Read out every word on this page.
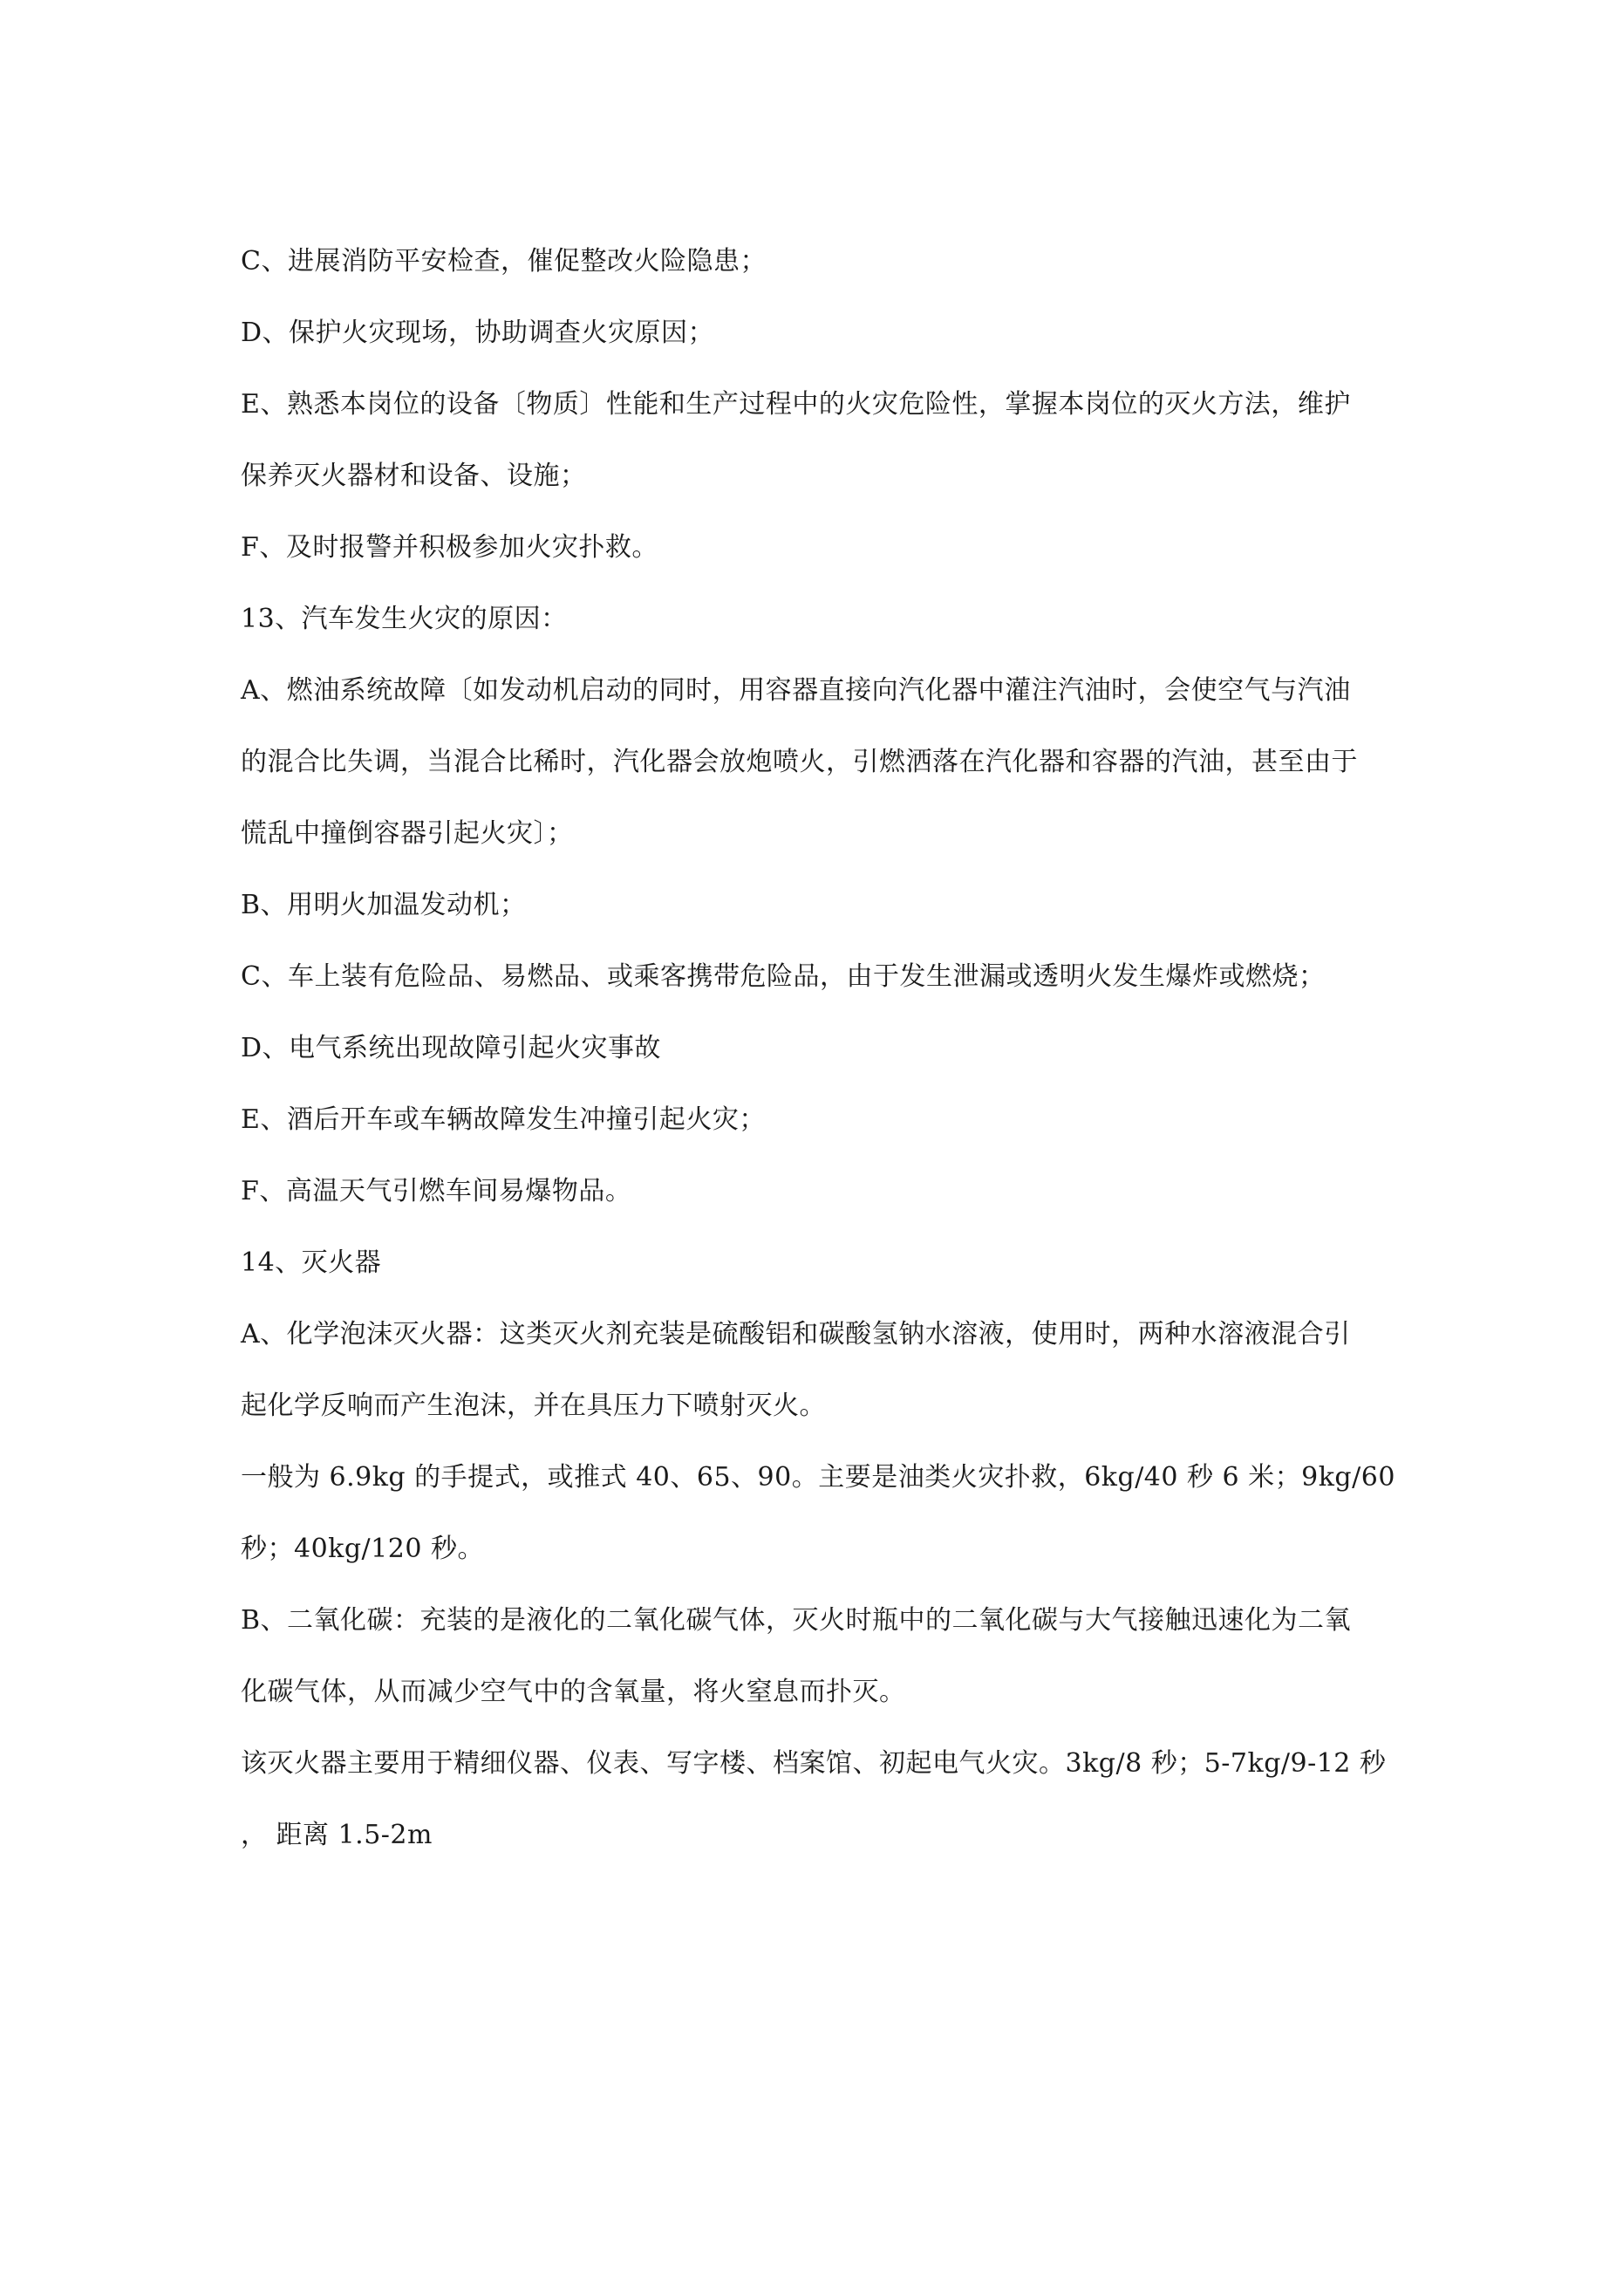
C、进展消防平安检查，催促整改火险隐患；

D、保护火灾现场，协助调查火灾原因；

E、熟悉本岗位的设备〔物质〕性能和生产过程中的火灾危险性，掌握本岗位的灭火方法，维护

保养灭火器材和设备、设施；

F、及时报警并积极参加火灾扑救。

13、汽车发生火灾的原因：

A、燃油系统故障〔如发动机启动的同时，用容器直接向汽化器中灌注汽油时，会使空气与汽油

的混合比失调，当混合比稀时，汽化器会放炮喷火，引燃洒落在汽化器和容器的汽油，甚至由于

慌乱中撞倒容器引起火灾〕；

B、用明火加温发动机；

C、车上装有危险品、易燃品、或乘客携带危险品，由于发生泄漏或透明火发生爆炸或燃烧；

D、电气系统出现故障引起火灾事故

E、酒后开车或车辆故障发生冲撞引起火灾；

F、高温天气引燃车间易爆物品。

14、灭火器

A、化学泡沫灭火器：这类灭火剂充装是硫酸铝和碳酸氢钠水溶液，使用时，两种水溶液混合引

起化学反响而产生泡沫，并在具压力下喷射灭火。

一般为 6.9kg 的手提式，或推式 40、65、90。主要是油类火灾扑救，6kg/40 秒 6 米；9kg/60

秒；40kg/120 秒。

B、二氧化碳：充装的是液化的二氧化碳气体，灭火时瓶中的二氧化碳与大气接触迅速化为二氧

化碳气体，从而减少空气中的含氧量，将火窒息而扑灭。

该灭火器主要用于精细仪器、仪表、写字楼、档案馆、初起电气火灾。3kg/8 秒；5-7kg/9-12 秒

， 距离 1.5-2m
